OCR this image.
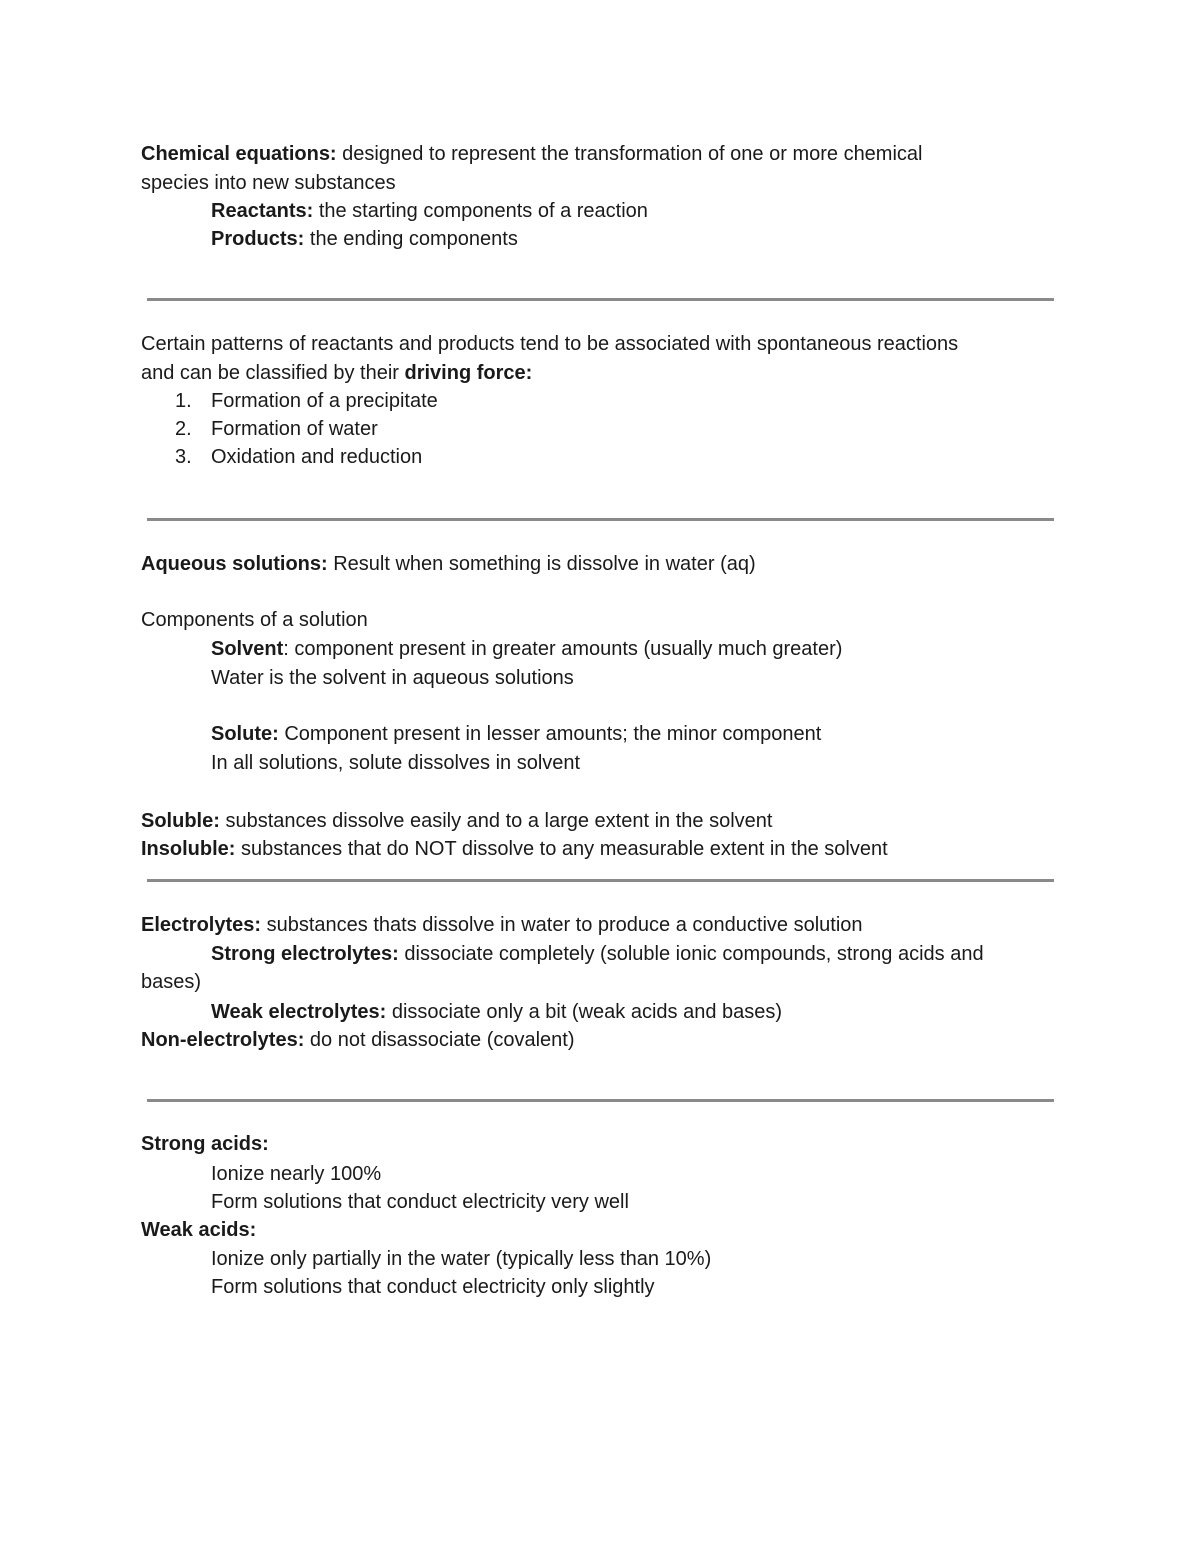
Chemical equations: designed to represent the transformation of one or more chemical
species into new substances
Reactants: the starting components of a reaction
Products: the ending components
Certain patterns of reactants and products tend to be associated with spontaneous reactions
and can be classified by their driving force:
1. Formation of a precipitate
2. Formation of water
3. Oxidation and reduction
Aqueous solutions: Result when something is dissolve in water (aq)
Components of a solution
Solvent: component present in greater amounts (usually much greater)
Water is the solvent in aqueous solutions
Solute: Component present in lesser amounts; the minor component
In all solutions, solute dissolves in solvent
Soluble: substances dissolve easily and to a large extent in the solvent
Insoluble: substances that do NOT dissolve to any measurable extent in the solvent
Electrolytes: substances thats dissolve in water to produce a conductive solution
Strong electrolytes: dissociate completely (soluble ionic compounds, strong acids and
bases)
Weak electrolytes: dissociate only a bit (weak acids and bases)
Non-electrolytes: do not disassociate (covalent)
Strong acids:
Ionize nearly 100%
Form solutions that conduct electricity very well
Weak acids:
Ionize only partially in the water (typically less than 10%)
Form solutions that conduct electricity only slightly
